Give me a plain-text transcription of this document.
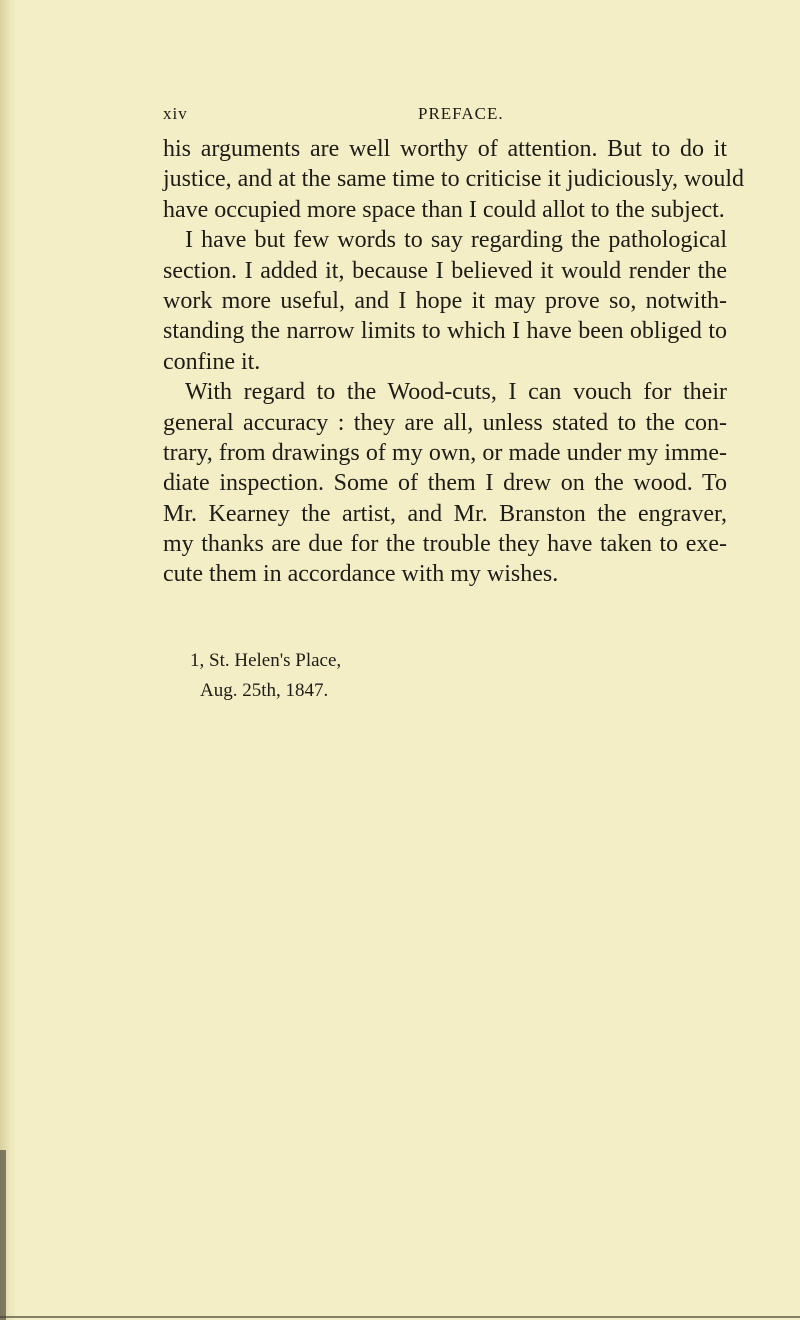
xiv	PREFACE.
his arguments are well worthy of attention. But to do it
justice, and at the same time to criticise it judiciously, would
have occupied more space than I could allot to the subject.
I have but few words to say regarding the pathological
section. I added it, because I believed it would render the
work more useful, and I hope it may prove so, notwith-
standing the narrow limits to which I have been obliged to
confine it.
With regard to the Wood-cuts, I can vouch for their
general accuracy : they are all, unless stated to the con-
trary, from drawings of my own, or made under my imme-
diate inspection. Some of them I drew on the wood. To
Mr. Kearney the artist, and Mr. Branston the engraver,
my thanks are due for the trouble they have taken to exe-
cute them in accordance with my wishes.
1, St. Helen's Place,
Aug. 25th, 1847.
